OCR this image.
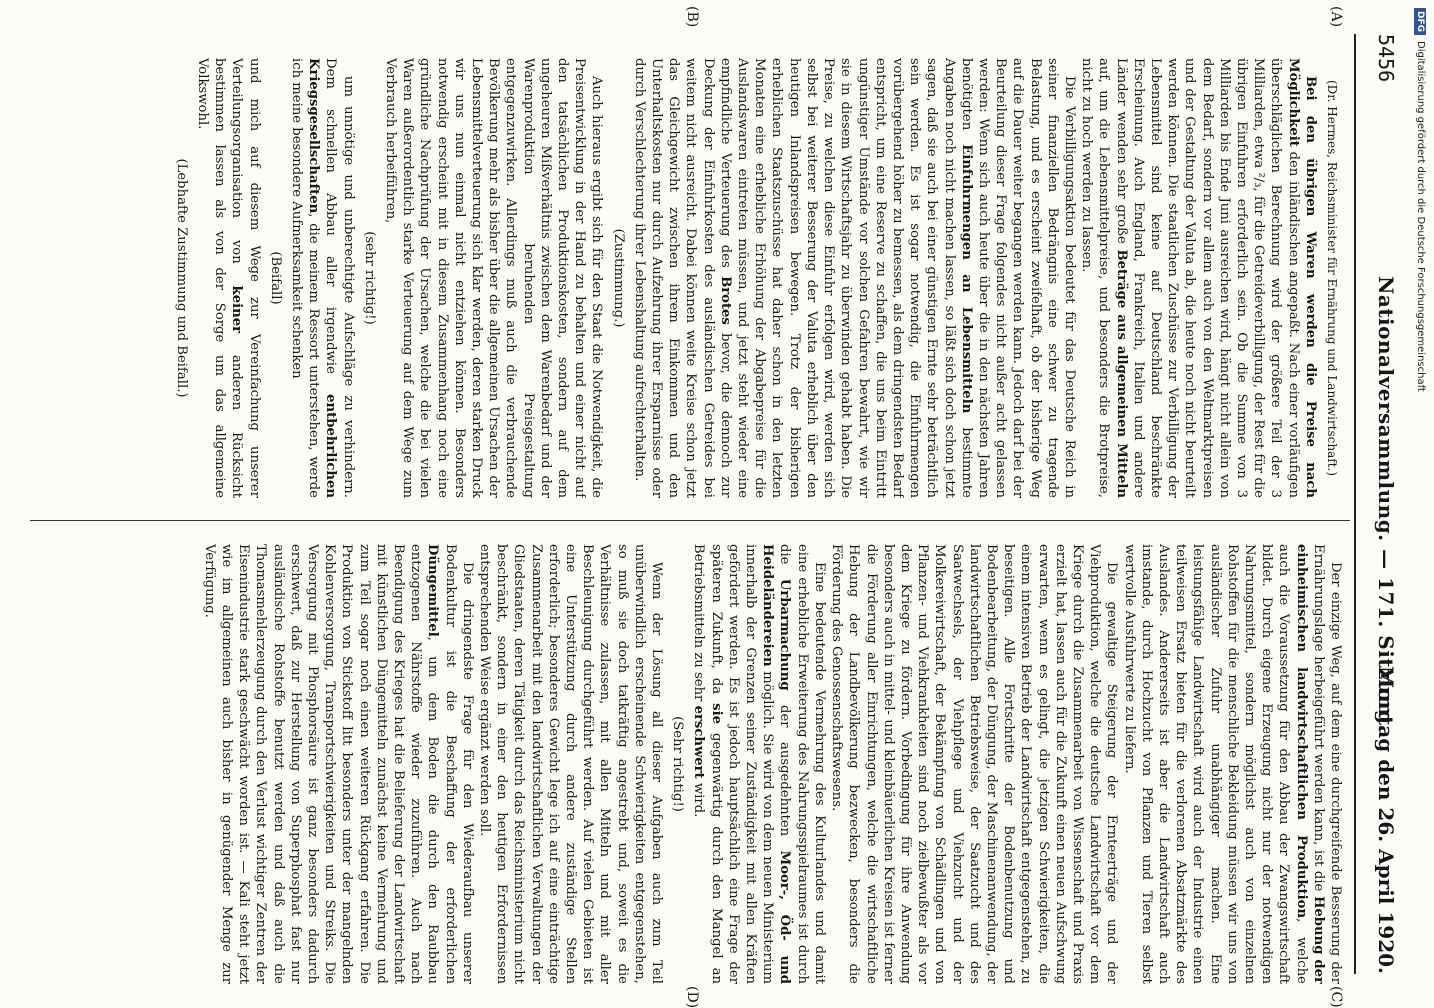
5456
Nationalversammlung. — 171. Sitzung.
Montag den 26. April 1920.
(A)
(B)
(C)
(D)

(Dr. Hermes, Reichsminister für Ernährung und Landwirtschaft.)

Bei den übrigen Waren werden die Preise nach Möglichkeit den inländischen angepaßt. Nach einer vorläufigen überschläglichen Berechnung wird der größere Teil der 3 Milliarden, etwa ²/₃, für die Getreideverbilligung, der Rest für die übrigen Einfuhren erforderlich sein. Ob die Summe von 3 Milliarden bis Ende Juni ausreichen wird, hängt nicht allein von dem Bedarf, sondern vor allem auch von den Weltmarktpreisen und der Gestaltung der Valuta ab, die heute noch nicht beurteilt werden können. Die staatlichen Zuschüsse zur Verbilligung der Lebensmittel sind keine auf Deutschland beschränkte Erscheinung. Auch England, Frankreich, Italien und andere Länder wenden sehr große Beträge aus allgemeinen Mitteln auf, um die Lebensmittelpreise, und besonders die Brotpreise, nicht zu hoch werden zu lassen.

Die Verbilligungsaktion bedeutet für das Deutsche Reich in seiner finanziellen Bedrängnis eine schwer zu tragende Belastung, und es erscheint zweifelhaft, ob der bisherige Weg auf die Dauer weiter begangen werden kann. Jedoch darf bei der Beurteilung dieser Frage folgendes nicht außer acht gelassen werden: Wenn sich auch heute über die in den nächsten Jahren benötigten Einfuhrmengen an Lebensmitteln bestimmte Angaben noch nicht machen lassen, so läßt sich doch schon jetzt sagen, daß sie auch bei einer günstigen Ernte sehr beträchtlich sein werden. Es ist sogar notwendig, die Einfuhrmengen vorübergehend höher zu bemessen, als dem dringendsten Bedarf entspricht, um eine Reserve zu schaffen, die uns beim Eintritt ungünstiger Umstände vor solchen Gefahren bewahrt, wie wir sie in diesem Wirtschaftsjahr zu überwinden gehabt haben. Die Preise, zu welchen diese Einfuhr erfolgen wird, werden sich selbst bei weiterer Besserung der Valuta erheblich über den heutigen Inlandspreisen bewegen. Trotz der bisherigen erheblichen Staatszuschüsse hat daher schon in den letzten Monaten eine erhebliche Erhöhung der Abgabepreise für die Auslandswaren eintreten müssen, und jetzt steht wieder eine empfindliche Verteuerung des Brotes bevor, die dennoch zur Deckung der Einfuhrkosten des ausländischen Getreides bei weitem nicht ausreicht. Dabei können weite Kreise schon jetzt das Gleichgewicht zwischen ihrem Einkommen und den Unterhaltskosten nur durch Aufzehrung ihrer Ersparnisse oder durch Verschlechterung ihrer Lebenshaltung aufrechterhalten.

(Zustimmung.)

Auch hieraus ergibt sich für den Staat die Notwendigkeit, die Preisentwicklung in der Hand zu behalten und einer nicht auf den tatsächlichen Produktionskosten, sondern auf dem ungeheuren Mißverhältnis zwischen dem Warenbedarf und der Warenproduktion beruhenden Preisgestaltung entgegenzuwirken. Allerdings muß auch die verbrauchende Bevölkerung mehr als bisher über die allgemeinen Ursachen der Lebensmittelverteuerung sich klar werden, deren starken Druck wir uns nun einmal nicht entziehen können. Besonders notwendig erscheint mit in diesem Zusammenhang noch eine gründliche Nachprüfung der Ursachen, welche die bei vielen Waren außerordentlich starke Verteuerung auf dem Wege zum Verbrauch herbeiführen,

(sehr richtig!)

um unnötige und unberechtigte Aufschläge zu verhindern. Dem schnellen Abbau aller irgendwie entbehrlichen Kriegsgesellschaften, die meinem Ressort unterstehen, werde ich meine besondere Aufmerksamkeit schenken

(Beifall)

und mich auf diesem Wege zur Vereinfachung unserer Verteilungsorganisation von keiner anderen Rücksicht bestimmen lassen als von der Sorge um das allgemeine Volkswohl.

(Lebhafte Zustimmung und Beifall.)

Der einzige Weg, auf dem eine durchgreifende Besserung der Ernährungslage herbeigeführt werden kann, ist die Hebung der einheimischen landwirtschaftlichen Produktion, welche auch die Voraussetzung für den Abbau der Zwangswirtschaft bildet. Durch eigene Erzeugung nicht nur der notwendigen Nahrungsmittel, sondern möglichst auch von einzelnen Rohstoffen für die menschliche Bekleidung müssen wir uns von ausländischer Zufuhr unabhängiger machen. Eine leistungsfähige Landwirtschaft wird auch der Industrie einen teilweisen Ersatz bieten für die verlorenen Absatzmärkte des Auslandes. Andererseits ist aber die Landwirtschaft auch imstande, durch Hochzucht von Pflanzen und Tieren selbst wertvolle Ausfuhrwerte zu liefern.

Die gewaltige Steigerung der Ernteerträge und der Viehproduktion, welche die deutsche Landwirtschaft vor dem Kriege durch die Zusammenarbeit von Wissenschaft und Praxis erzielt hat, lassen auch für die Zukunft einen neuen Aufschwung erwarten, wenn es gelingt, die jetzigen Schwierigkeiten, die einem intensiven Betrieb der Landwirtschaft entgegenstehen, zu beseitigen. Alle Fortschritte der Bodenbenutzung und Bodenbearbeitung, der Düngung, der Maschinenanwendung, der landwirtschaftlichen Betriebsweise, der Saatzucht und des Saatwechsels, der Viehpflege und Viehzucht und der Molkereiwirtschaft, der Bekämpfung von Schädlingen und von Pflanzen- und Viehkrankheiten sind noch zielbewußter als vor dem Kriege zu fördern. Vorbedingung für ihre Anwendung besonders auch in mittel- und kleinbäuerlichen Kreisen ist ferner die Förderung aller Einrichtungen, welche die wirtschaftliche Hebung der Landbevölkerung bezwecken, besonders die Förderung des Genossenschaftswesens.

Eine bedeutende Vermehrung des Kulturlandes und damit eine erhebliche Erweiterung des Nahrungsspielraumes ist durch die Urbarmachung der ausgedehnten Moor-, Öd- und Heideländereien möglich. Sie wird von dem neuen Ministerium innerhalb der Grenzen seiner Zuständigkeit mit allen Kräften gefördert werden. Es ist jedoch hauptsächlich eine Frage der späteren Zukunft, da sie gegenwärtig durch den Mangel an Betriebsmitteln zu sehr erschwert wird.

(Sehr richtig!)

Wenn der Lösung all dieser Aufgaben auch zum Teil unüberwindlich erscheinende Schwierigkeiten entgegenstehen, so muß sie doch tatkräftig angestrebt und, soweit es die Verhältnisse zulassen, mit allen Mitteln und mit aller Beschleunigung durchgeführt werden. Auf vielen Gebieten ist eine Unterstützung durch andere zuständige Stellen erforderlich; besonderes Gewicht lege ich auf eine einträchtige Zusammenarbeit mit den landwirtschaftlichen Verwaltungen der Gliedstaaten, deren Tätigkeit durch das Reichsministerium nicht beschränkt, sondern in einer den heutigen Erfordernissen entsprechenden Weise ergänzt werden soll.

Die dringendste Frage für den Wiederaufbau unserer Bodenkultur ist die Beschaffung der erforderlichen Düngemittel, um dem Boden die durch den Raubbau entzogenen Nährstoffe wieder zuzuführen. Auch nach Beendigung des Krieges hat die Belieferung der Landwirtschaft mit künstlichen Düngemitteln zunächst keine Vermehrung und zum Teil sogar noch einen weiteren Rückgang erfahren. Die Produktion von Stickstoff litt besonders unter der mangelnden Kohlenversorgung, Transportschwierigkeiten und Streiks. Die Versorgung mit Phosphorsäure ist ganz besonders dadurch erschwert, daß zur Herstellung von Superphosphat fast nur ausländische Rohstoffe benutzt werden und daß auch die Thomasmehlerzeugung durch den Verlust wichtiger Zentren der Eisenindustrie stark geschwächt worden ist. — Kali steht jetzt wie im allgemeinen auch bisher in genügender Menge zur Verfügung.

DFG
Digitalisierung gefördert durch die Deutsche Forschungsgemeinschaft
